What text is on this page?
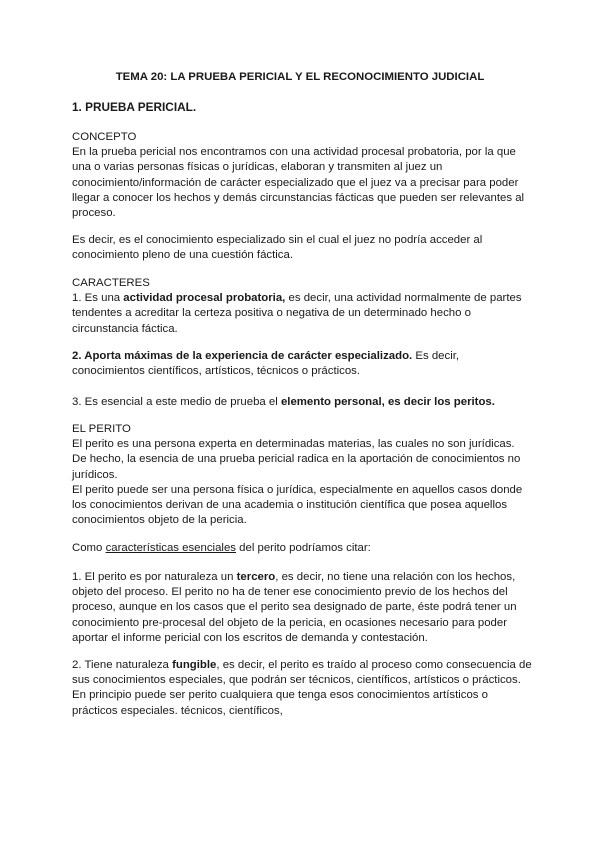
TEMA 20: LA PRUEBA PERICIAL Y EL RECONOCIMIENTO JUDICIAL
1. PRUEBA PERICIAL.

CONCEPTO

En la prueba pericial nos encontramos con una actividad procesal probatoria, por la que una o varias personas físicas o jurídicas, elaboran y transmiten al juez un conocimiento/información de carácter especializado que el juez va a precisar para poder llegar a conocer los hechos y demás circunstancias fácticas que pueden ser relevantes al proceso.

Es decir, es el conocimiento especializado sin el cual el juez no podría acceder al conocimiento pleno de una cuestión fáctica.

CARACTERES

1. Es una actividad procesal probatoria, es decir, una actividad normalmente de partes tendentes a acreditar la certeza positiva o negativa de un determinado hecho o circunstancia fáctica.

2. Aporta máximas de la experiencia de carácter especializado. Es decir, conocimientos científicos, artísticos, técnicos o prácticos.

3. Es esencial a este medio de prueba el elemento personal, es decir los peritos.

EL PERITO

El perito es una persona experta en determinadas materias, las cuales no son jurídicas.

De hecho, la esencia de una prueba pericial radica en la aportación de conocimientos no jurídicos.

El perito puede ser una persona física o jurídica, especialmente en aquellos casos donde los conocimientos derivan de una academia o institución científica que posea aquellos conocimientos objeto de la pericia.

Como características esenciales del perito podríamos citar:

1. El perito es por naturaleza un tercero, es decir, no tiene una relación con los hechos, objeto del proceso. El perito no ha de tener ese conocimiento previo de los hechos del proceso, aunque en los casos que el perito sea designado de parte, éste podrá tener un conocimiento pre-procesal del objeto de la pericia, en ocasiones necesario para poder aportar el informe pericial con los escritos de demanda y contestación.

2. Tiene naturaleza fungible, es decir, el perito es traído al proceso como consecuencia de sus conocimientos especiales, que podrán ser técnicos, científicos, artísticos o prácticos. En principio puede ser perito cualquiera que tenga esos conocimientos artísticos o prácticos especiales. técnicos, científicos,
